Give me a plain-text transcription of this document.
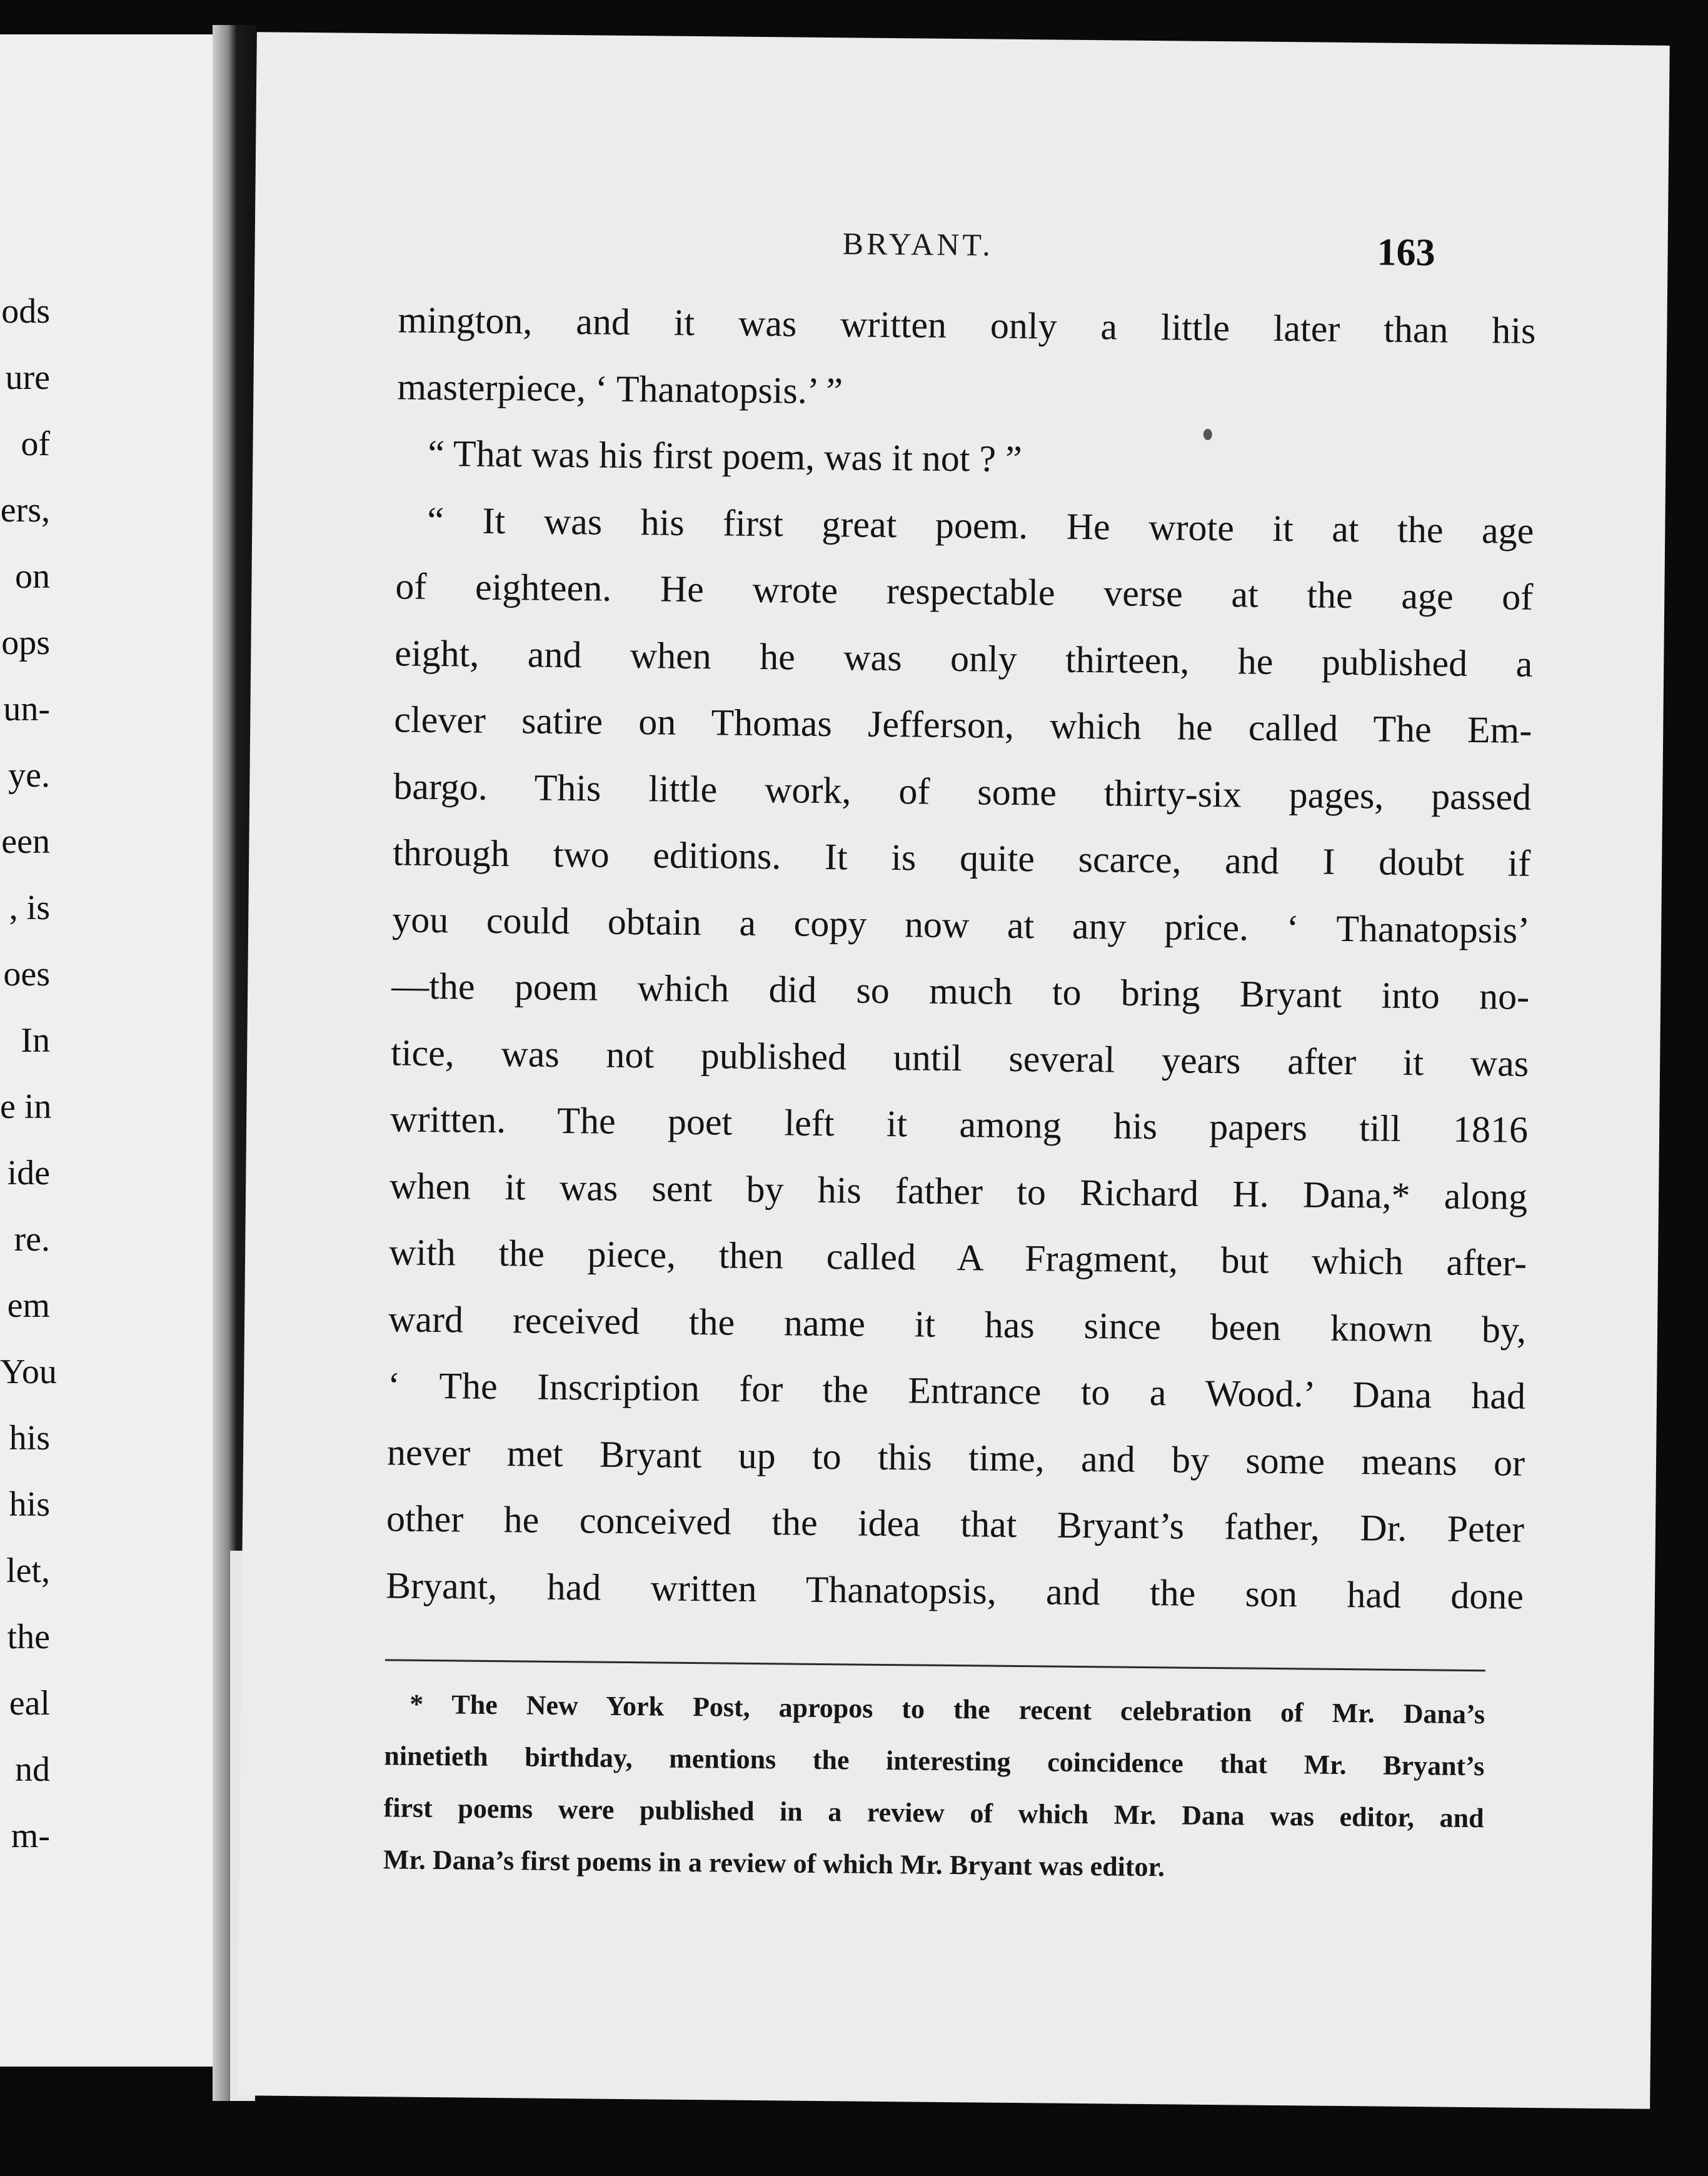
ods
ure
of
ers,
on
ops
un-
ye.
een
, is
oes
In
e in
ide
re.
em
You
his
his
let,
the
eal
nd
m-
BRYANT.	163
mington, and it was written only a little later than his
masterpiece, ‘ Thanatopsis.’ ”
“ That was his first poem, was it not ? ”
“ It was his first great poem. He wrote it at the age
of eighteen. He wrote respectable verse at the age of
eight, and when he was only thirteen, he published a
clever satire on Thomas Jefferson, which he called The Em-
bargo. This little work, of some thirty-six pages, passed
through two editions. It is quite scarce, and I doubt if
you could obtain a copy now at any price. ‘ Thanatopsis’
—the poem which did so much to bring Bryant into no-
tice, was not published until several years after it was
written. The poet left it among his papers till 1816
when it was sent by his father to Richard H. Dana,* along
with the piece, then called A Fragment, but which after-
ward received the name it has since been known by,
‘ The Inscription for the Entrance to a Wood.’ Dana had
never met Bryant up to this time, and by some means or
other he conceived the idea that Bryant’s father, Dr. Peter
Bryant, had written Thanatopsis, and the son had done
* The New York Post, apropos to the recent celebration of Mr. Dana’s
ninetieth birthday, mentions the interesting coincidence that Mr. Bryant’s
first poems were published in a review of which Mr. Dana was editor, and
Mr. Dana’s first poems in a review of which Mr. Bryant was editor.
